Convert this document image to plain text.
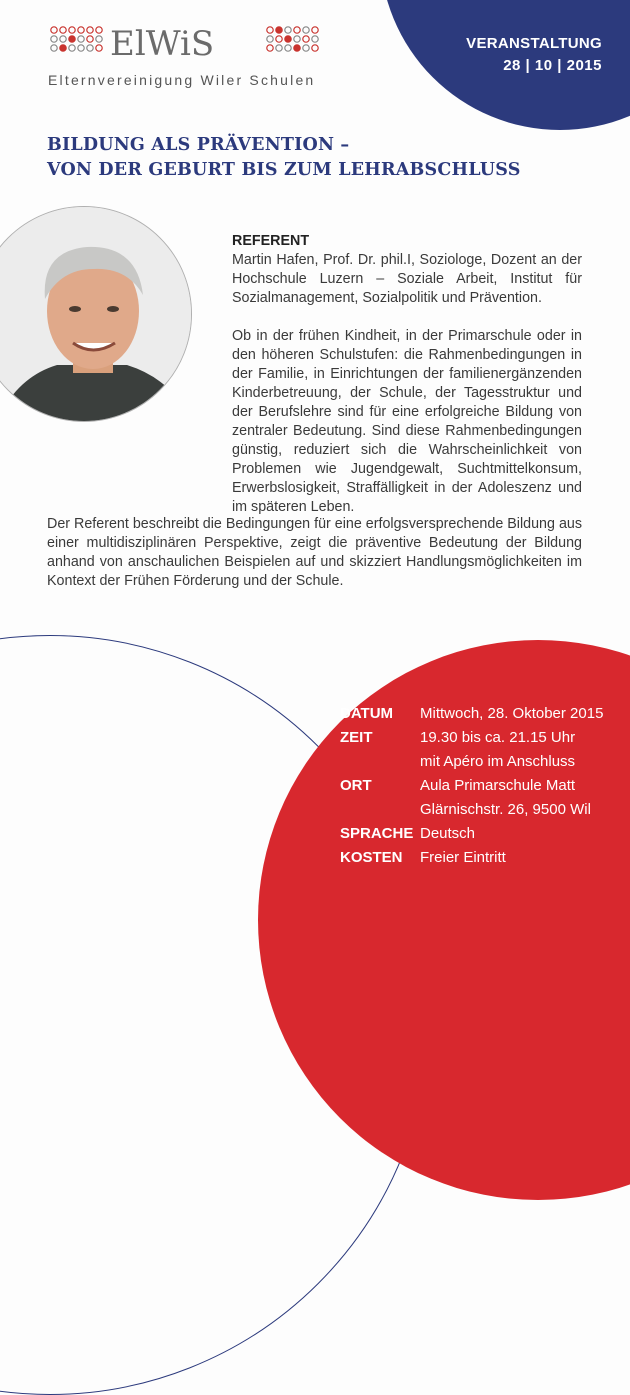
ElWiS
Elternvereinigung Wiler Schulen
VERANSTALTUNG
28 | 10 | 2015
BILDUNG ALS PRÄVENTION –
VON DER GEBURT BIS ZUM LEHRABSCHLUSS
REFERENT

Martin Hafen, Prof. Dr. phil.I, Soziologe, Dozent an der Hochschule Luzern – Soziale Arbeit, Institut für Sozialmanagement, Sozialpolitik und Prävention.

Ob in der frühen Kindheit, in der Primarschule oder in den höheren Schulstufen: die Rahmenbedingungen in der Familie, in Einrichtungen der familienergänzenden Kinderbetreuung, der Schule, der Tagesstruktur und der Berufslehre sind für eine erfolgreiche Bildung von zentraler Bedeutung. Sind diese Rahmenbedingungen günstig, reduziert sich die Wahrscheinlichkeit von Problemen wie Jugendgewalt, Suchtmittelkonsum, Erwerbslosigkeit, Straffälligkeit in der Adoleszenz und im späteren Leben.

Der Referent beschreibt die Bedingungen für eine erfolgsversprechende Bildung aus einer multidisziplinären Perspektive, zeigt die präventive Bedeutung der Bildung anhand von anschaulichen Beispielen auf und skizziert Handlungsmöglichkeiten im Kontext der Frühen Förderung und der Schule.

DATUM	Mittwoch, 28. Oktober 2015
ZEIT	19.30 bis ca. 21.15 Uhr
mit Apéro im Anschluss
ORT	Aula Primarschule Matt
Glärnischstr. 26, 9500 Wil
SPRACHE Deutsch
KOSTEN	Freier Eintritt
